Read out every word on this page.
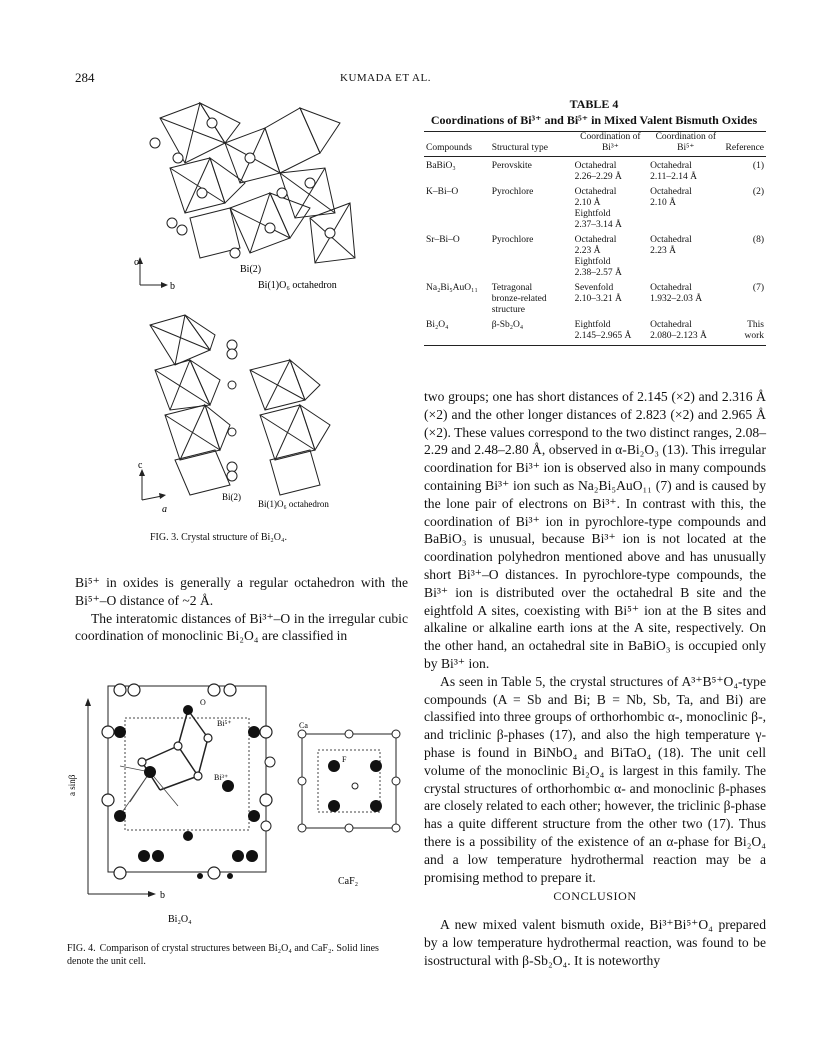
284	KUMADA ET AL.
Bi(2)
Bi(1)O₆ octahedron
c
b
Bi(2)
Bi(1)O₆ octahedron
c
a
FIG. 3. Crystal structure of Bi₂O₄.

Bi⁵⁺ in oxides is generally a regular octahedron with the Bi⁵⁺–O distance of ~2 Å.

The interatomic distances of Bi³⁺–O in the irregular cubic coordination of monoclinic Bi₂O₄ are classified in

O
Bi⁵⁺
Bi³⁺
Ca
F
a sinβ
b
CaF₂
Bi₂O₄
FIG. 4. Comparison of crystal structures between Bi₂O₄ and CaF₂. Solid lines denote the unit cell.
TABLE 4
Coordinations of Bi³⁺ and Bi⁵⁺ in Mixed Valent Bismuth Oxides
Compounds	Structural type	Coordination of Bi³⁺	Coordination of Bi⁵⁺	Reference
BaBiO₃	Perovskite	Octahedral
2.26–2.29 Å	Octahedral
2.11–2.14 Å	(1)
K–Bi–O	Pyrochlore	Octahedral
2.10 Å
Eightfold
2.37–3.14 Å	Octahedral
2.10 Å	(2)
Sr–Bi–O	Pyrochlore	Octahedral
2.23 Å
Eightfold
2.38–2.57 Å	Octahedral
2.23 Å	(8)
Na₂Bi₅AuO₁₁	Tetragonal
bronze-related
structure	Sevenfold
2.10–3.21 Å	Octahedral
1.932–2.03 Å	(7)
Bi₂O₄	β-Sb₂O₄	Eightfold
2.145–2.965 Å	Octahedral
2.080–2.123 Å	This work

two groups; one has short distances of 2.145 (×2) and 2.316 Å (×2) and the other longer distances of 2.823 (×2) and 2.965 Å (×2). These values correspond to the two distinct ranges, 2.08–2.29 and 2.48–2.80 Å, observed in α-Bi₂O₃ (13). This irregular coordination for Bi³⁺ ion is observed also in many compounds containing Bi³⁺ ion such as Na₂Bi₅AuO₁₁ (7) and is caused by the lone pair of electrons on Bi³⁺. In contrast with this, the coordination of Bi³⁺ ion in pyrochlore-type compounds and BaBiO₃ is unusual, because Bi³⁺ ion is not located at the coordination polyhedron mentioned above and has unusually short Bi³⁺–O distances. In pyrochlore-type compounds, the Bi³⁺ ion is distributed over the octahedral B site and the eightfold A sites, coexisting with Bi⁵⁺ ion at the B sites and alkaline or alkaline earth ions at the A site, respectively. On the other hand, an octahedral site in BaBiO₃ is occupied only by Bi³⁺ ion.

As seen in Table 5, the crystal structures of A³⁺B⁵⁺O₄-type compounds (A = Sb and Bi; B = Nb, Sb, Ta, and Bi) are classified into three groups of orthorhombic α-, monoclinic β-, and triclinic β-phases (17), and also the high temperature γ-phase is found in BiNbO₄ and BiTaO₄ (18). The unit cell volume of the monoclinic Bi₂O₄ is largest in this family. The crystal structures of orthorhombic α- and monoclinic β-phases are closely related to each other; however, the triclinic β-phase has a quite different structure from the other two (17). Thus there is a possibility of the existence of an α-phase for Bi₂O₄ and a low temperature hydrothermal reaction may be a promising method to prepare it.

CONCLUSION

A new mixed valent bismuth oxide, Bi³⁺Bi⁵⁺O₄ prepared by a low temperature hydrothermal reaction, was found to be isostructural with β-Sb₂O₄. It is noteworthy
